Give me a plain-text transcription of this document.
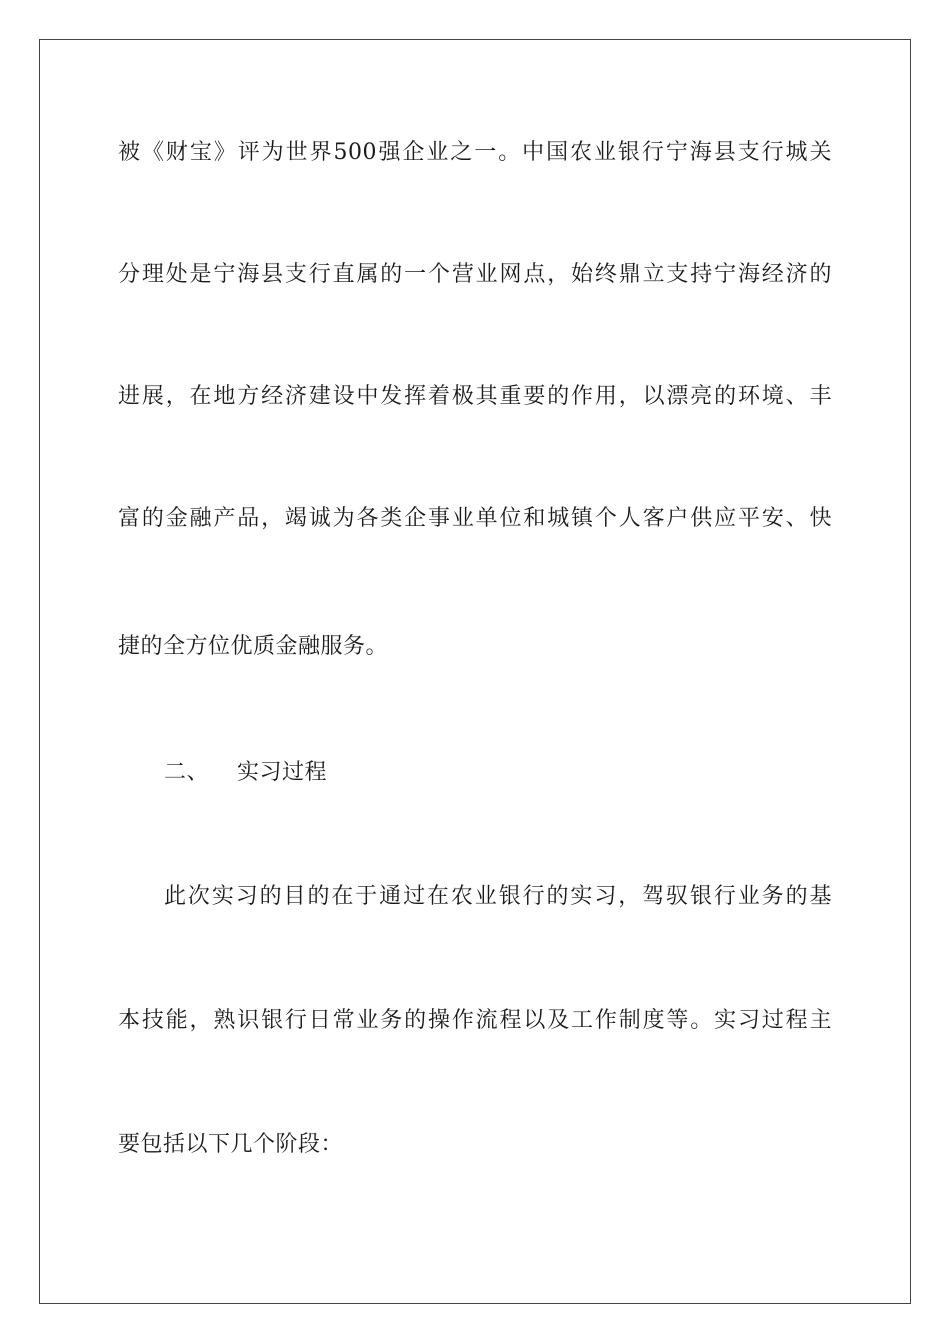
被《财宝》评为世界500强企业之一。中国农业银行宁海县支行城关
分理处是宁海县支行直属的一个营业网点，始终鼎立支持宁海经济的
进展，在地方经济建设中发挥着极其重要的作用，以漂亮的环境、丰
富的金融产品，竭诚为各类企事业单位和城镇个人客户供应平安、快
捷的全方位优质金融服务。
二、 实习过程
此次实习的目的在于通过在农业银行的实习，驾驭银行业务的基
本技能，熟识银行日常业务的操作流程以及工作制度等。实习过程主
要包括以下几个阶段：
